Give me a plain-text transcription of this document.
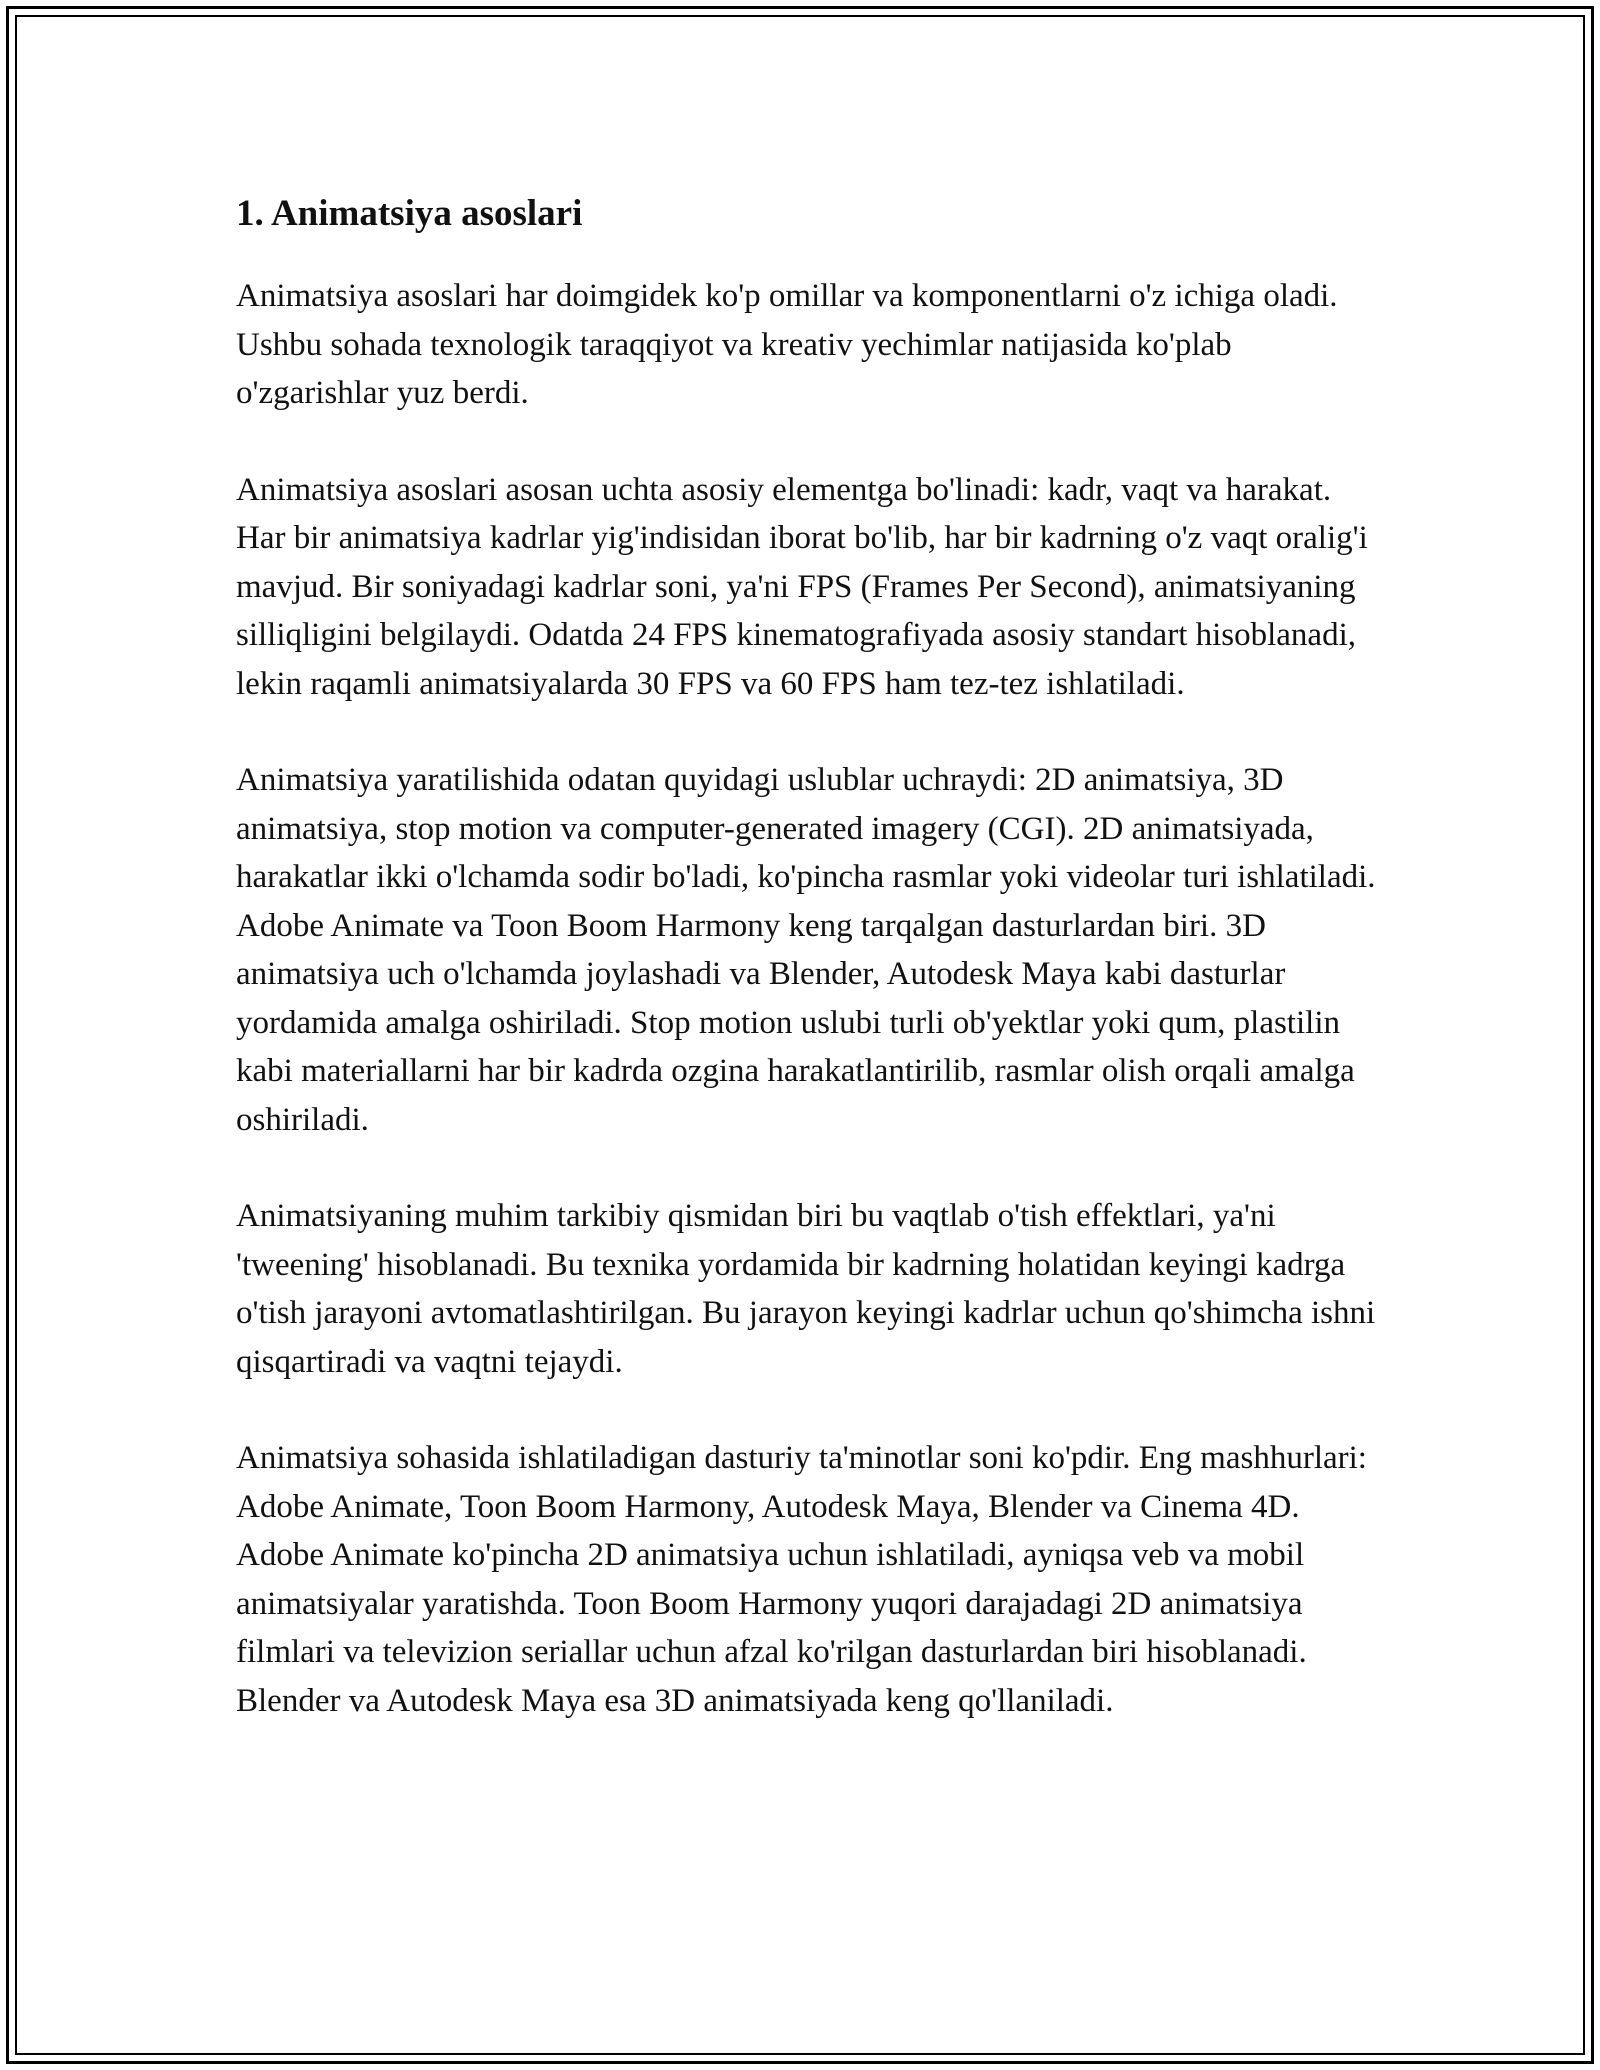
1. Animatsiya asoslari

Animatsiya asoslari har doimgidek ko'p omillar va komponentlarni o'z ichiga oladi. Ushbu sohada texnologik taraqqiyot va kreativ yechimlar natijasida ko'plab o'zgarishlar yuz berdi.

Animatsiya asoslari asosan uchta asosiy elementga bo'linadi: kadr, vaqt va harakat. Har bir animatsiya kadrlar yig'indisidan iborat bo'lib, har bir kadrning o'z vaqt oralig'i mavjud. Bir soniyadagi kadrlar soni, ya'ni FPS (Frames Per Second), animatsiyaning silliqligini belgilaydi. Odatda 24 FPS kinematografiyada asosiy standart hisoblanadi, lekin raqamli animatsiyalarda 30 FPS va 60 FPS ham tez-tez ishlatiladi.

Animatsiya yaratilishida odatan quyidagi uslublar uchraydi: 2D animatsiya, 3D animatsiya, stop motion va computer-generated imagery (CGI). 2D animatsiyada, harakatlar ikki o'lchamda sodir bo'ladi, ko'pincha rasmlar yoki videolar turi ishlatiladi. Adobe Animate va Toon Boom Harmony keng tarqalgan dasturlardan biri. 3D animatsiya uch o'lchamda joylashadi va Blender, Autodesk Maya kabi dasturlar yordamida amalga oshiriladi. Stop motion uslubi turli ob'yektlar yoki qum, plastilin kabi materiallarni har bir kadrda ozgina harakatlantirilib, rasmlar olish orqali amalga oshiriladi.

Animatsiyaning muhim tarkibiy qismidan biri bu vaqtlab o'tish effektlari, ya'ni 'tweening' hisoblanadi. Bu texnika yordamida bir kadrning holatidan keyingi kadrga o'tish jarayoni avtomatlashtirilgan. Bu jarayon keyingi kadrlar uchun qo'shimcha ishni qisqartiradi va vaqtni tejaydi.

Animatsiya sohasida ishlatiladigan dasturiy ta'minotlar soni ko'pdir. Eng mashhurlari: Adobe Animate, Toon Boom Harmony, Autodesk Maya, Blender va Cinema 4D. Adobe Animate ko'pincha 2D animatsiya uchun ishlatiladi, ayniqsa veb va mobil animatsiyalar yaratishda. Toon Boom Harmony yuqori darajadagi 2D animatsiya filmlari va televizion seriallar uchun afzal ko'rilgan dasturlardan biri hisoblanadi. Blender va Autodesk Maya esa 3D animatsiyada keng qo'llaniladi.
